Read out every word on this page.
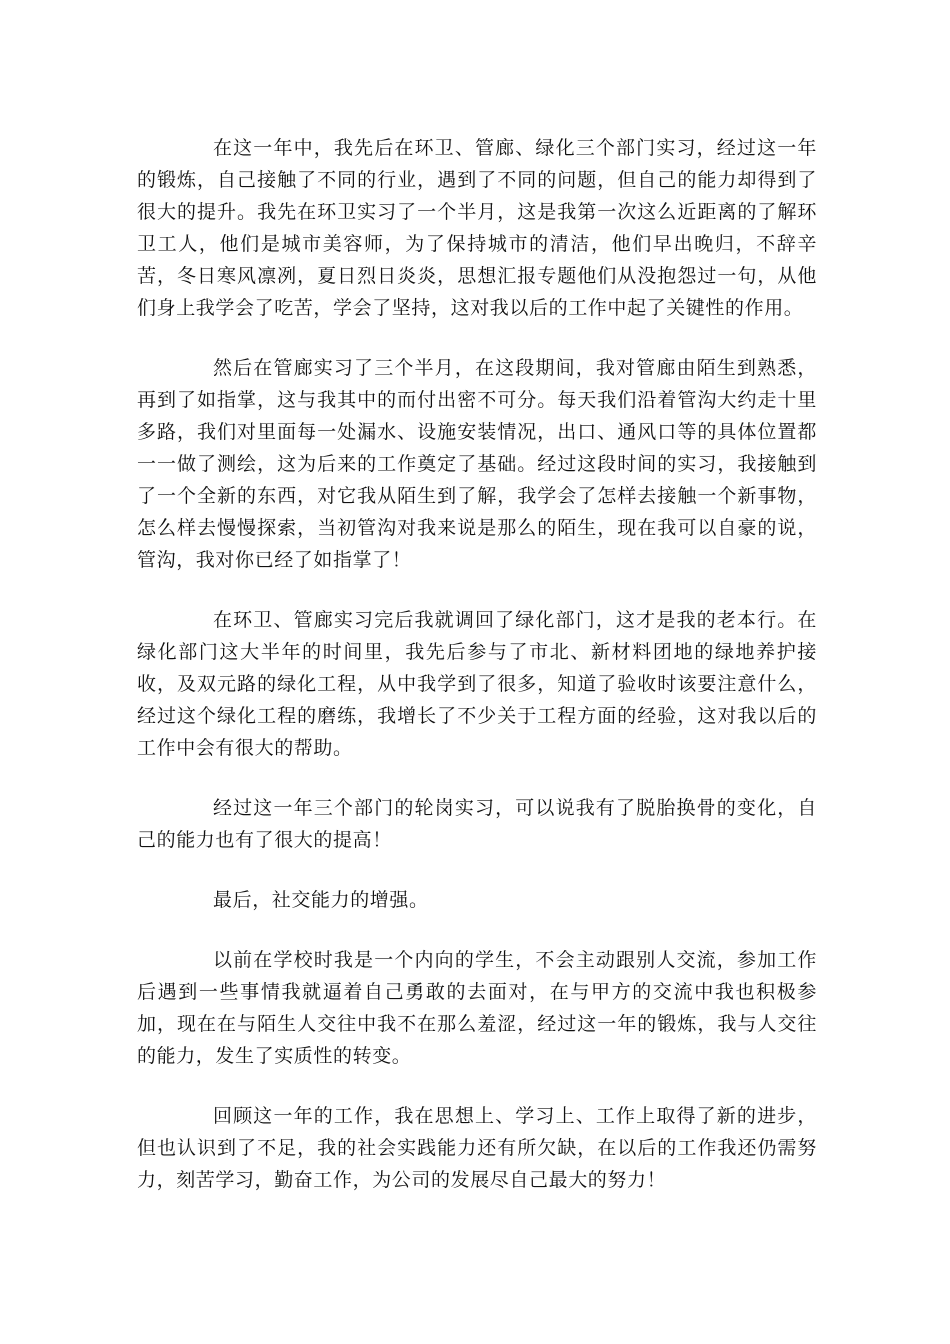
在这一年中，我先后在环卫、管廊、绿化三个部门实习，经过这一年的锻炼，自己接触了不同的行业，遇到了不同的问题，但自己的能力却得到了很大的提升。我先在环卫实习了一个半月，这是我第一次这么近距离的了解环卫工人，他们是城市美容师，为了保持城市的清洁，他们早出晚归，不辞辛苦，冬日寒风凛冽，夏日烈日炎炎，思想汇报专题他们从没抱怨过一句，从他们身上我学会了吃苦，学会了坚持，这对我以后的工作中起了关键性的作用。

然后在管廊实习了三个半月，在这段期间，我对管廊由陌生到熟悉，再到了如指掌，这与我其中的而付出密不可分。每天我们沿着管沟大约走十里多路，我们对里面每一处漏水、设施安装情况，出口、通风口等的具体位置都一一做了测绘，这为后来的工作奠定了基础。经过这段时间的实习，我接触到了一个全新的东西，对它我从陌生到了解，我学会了怎样去接触一个新事物，怎么样去慢慢探索，当初管沟对我来说是那么的陌生，现在我可以自豪的说，管沟，我对你已经了如指掌了！

在环卫、管廊实习完后我就调回了绿化部门，这才是我的老本行。在绿化部门这大半年的时间里，我先后参与了市北、新材料团地的绿地养护接收，及双元路的绿化工程，从中我学到了很多，知道了验收时该要注意什么，经过这个绿化工程的磨练，我增长了不少关于工程方面的经验，这对我以后的工作中会有很大的帮助。

经过这一年三个部门的轮岗实习，可以说我有了脱胎换骨的变化，自己的能力也有了很大的提高！

最后，社交能力的增强。

以前在学校时我是一个内向的学生，不会主动跟别人交流，参加工作后遇到一些事情我就逼着自己勇敢的去面对，在与甲方的交流中我也积极参加，现在在与陌生人交往中我不在那么羞涩，经过这一年的锻炼，我与人交往的能力，发生了实质性的转变。

回顾这一年的工作，我在思想上、学习上、工作上取得了新的进步，但也认识到了不足，我的社会实践能力还有所欠缺，在以后的工作我还仍需努力，刻苦学习，勤奋工作，为公司的发展尽自己最大的努力！
